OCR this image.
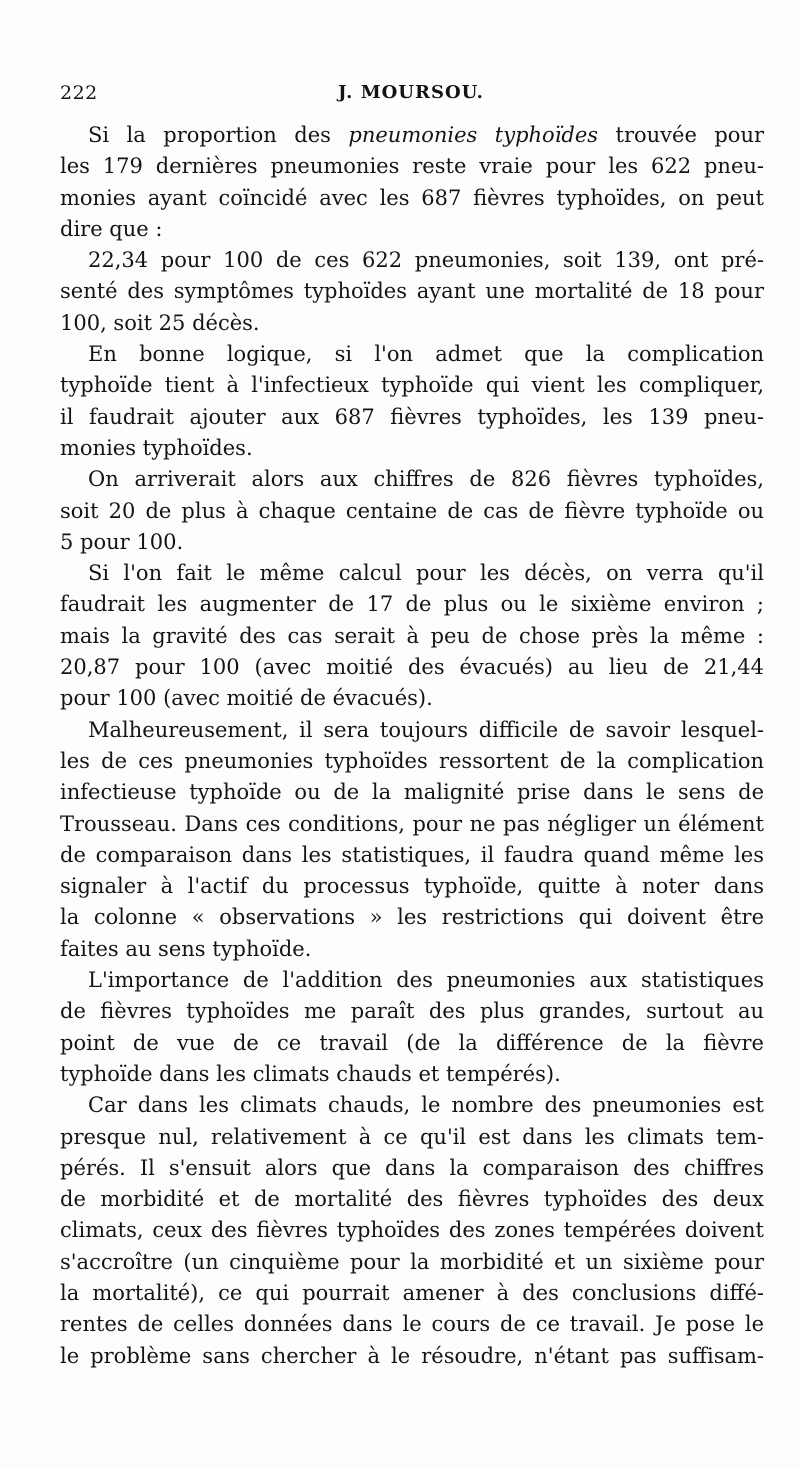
222	J. MOURSOU.
Si la proportion des pneumonies typhoïdes trouvée pour
les 179 dernières pneumonies reste vraie pour les 622 pneu-
monies ayant coïncidé avec les 687 fièvres typhoïdes, on peut
dire que :
22,34 pour 100 de ces 622 pneumonies, soit 139, ont pré-
senté des symptômes typhoïdes ayant une mortalité de 18 pour
100, soit 25 décès.
En bonne logique, si l'on admet que la complication
typhoïde tient à l'infectieux typhoïde qui vient les compliquer,
il faudrait ajouter aux 687 fièvres typhoïdes, les 139 pneu-
monies typhoïdes.
On arriverait alors aux chiffres de 826 fièvres typhoïdes,
soit 20 de plus à chaque centaine de cas de fièvre typhoïde ou
5 pour 100.
Si l'on fait le même calcul pour les décès, on verra qu'il
faudrait les augmenter de 17 de plus ou le sixième environ ;
mais la gravité des cas serait à peu de chose près la même :
20,87 pour 100 (avec moitié des évacués) au lieu de 21,44
pour 100 (avec moitié de évacués).
Malheureusement, il sera toujours difficile de savoir lesquel-
les de ces pneumonies typhoïdes ressortent de la complication
infectieuse typhoïde ou de la malignité prise dans le sens de
Trousseau. Dans ces conditions, pour ne pas négliger un élément
de comparaison dans les statistiques, il faudra quand même les
signaler à l'actif du processus typhoïde, quitte à noter dans
la colonne « observations » les restrictions qui doivent être
faites au sens typhoïde.
L'importance de l'addition des pneumonies aux statistiques
de fièvres typhoïdes me paraît des plus grandes, surtout au
point de vue de ce travail (de la différence de la fièvre
typhoïde dans les climats chauds et tempérés).
Car dans les climats chauds, le nombre des pneumonies est
presque nul, relativement à ce qu'il est dans les climats tem-
pérés. Il s'ensuit alors que dans la comparaison des chiffres
de morbidité et de mortalité des fièvres typhoïdes des deux
climats, ceux des fièvres typhoïdes des zones tempérées doivent
s'accroître (un cinquième pour la morbidité et un sixième pour
la mortalité), ce qui pourrait amener à des conclusions diffé-
rentes de celles données dans le cours de ce travail. Je pose le
le problème sans chercher à le résoudre, n'étant pas suffisam-
